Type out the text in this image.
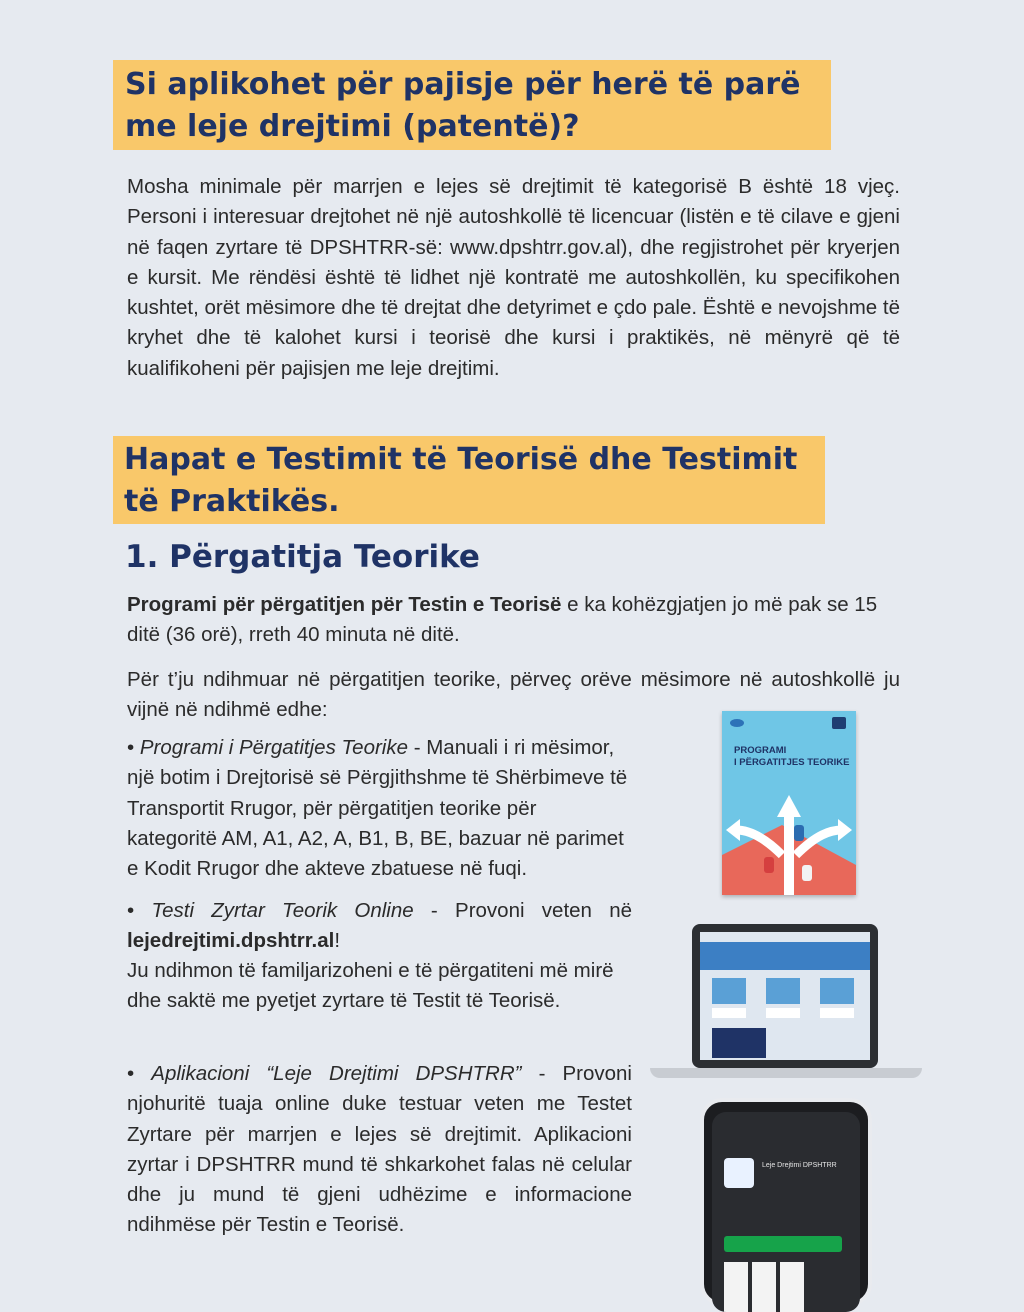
Si aplikohet për pajisje për herë të parë me leje drejtimi (patentë)?

Mosha minimale për marrjen e lejes së drejtimit të kategorisë B është 18 vjeç. Personi i interesuar drejtohet në një autoshkollë të licencuar (listën e të cilave e gjeni në faqen zyrtare të DPSHTRR-së: www.dpshtrr.gov.al), dhe regjistrohet për kryerjen e kursit. Me rëndësi është të lidhet një kontratë me autoshkollën, ku specifikohen kushtet, orët mësimore dhe të drejtat dhe detyrimet e çdo pale. Është e nevojshme të kryhet dhe të kalohet kursi i teorisë dhe kursi i praktikës, në mënyrë që të kualifikoheni për pajisjen me leje drejtimi.

Hapat e Testimit të Teorisë dhe Testimit të Praktikës.
1. Përgatitja Teorike

Programi për përgatitjen për Testin e Teorisë e ka kohëzgjatjen jo më pak se 15 ditë (36 orë), rreth 40 minuta në ditë.

Për t’ju ndihmuar në përgatitjen teorike, përveç orëve mësimore në autoshkollë ju vijnë në ndihmë edhe:

• Programi i Përgatitjes Teorike - Manuali i ri mësimor, një botim i Drejtorisë së Përgjithshme të Shërbimeve të Transportit Rrugor, për përgatitjen teorike për kategoritë AM, A1, A2, A, B1, B, BE, bazuar në parimet e Kodit Rrugor dhe akteve zbatuese në fuqi.

• Testi Zyrtar Teorik Online - Provoni veten në lejedrejtimi.dpshtrr.al!

Ju ndihmon të familjarizoheni e të përgatiteni më mirë dhe saktë me pyetjet zyrtare të Testit të Teorisë.

• Aplikacioni “Leje Drejtimi DPSHTRR” - Provoni njohuritë tuaja online duke testuar veten me Testet Zyrtare për marrjen e lejes së drejtimit. Aplikacioni zyrtar i DPSHTRR mund të shkarkohet falas në celular dhe ju mund të gjeni udhëzime e informacione ndihmëse për Testin e Teorisë.

PROGRAMI
I PËRGATITJES TEORIKE
Leje Drejtimi DPSHTRR
